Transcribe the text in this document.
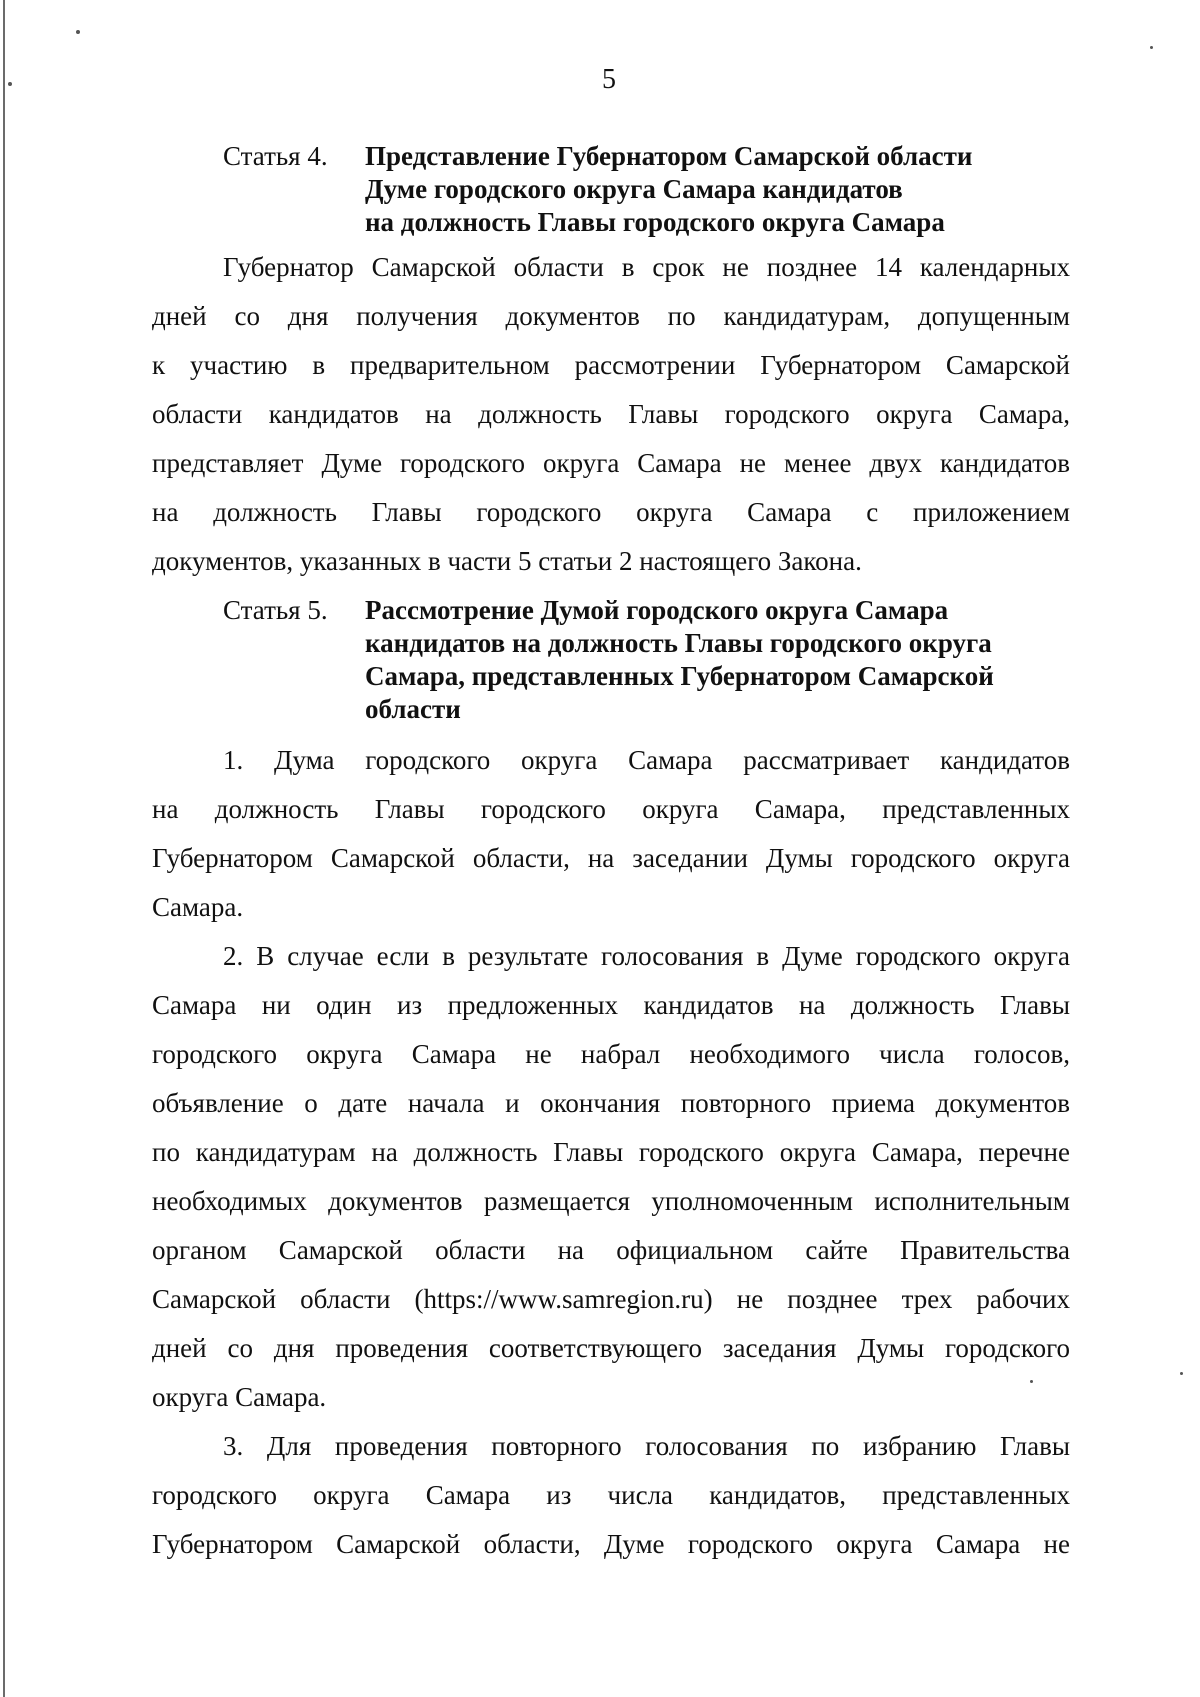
5
Статья 4.	Представление Губернатором Самарской области
Думе городского округа Самара кандидатов
на должность Главы городского округа Самара
Губернатор Самарской области в срок не позднее 14 календарных
дней со дня получения документов по кандидатурам, допущенным
к участию в предварительном рассмотрении Губернатором Самарской
области кандидатов на должность Главы городского округа Самара,
представляет Думе городского округа Самара не менее двух кандидатов
на должность Главы городского округа Самара с приложением
документов, указанных в части 5 статьи 2 настоящего Закона.
Статья 5.	Рассмотрение Думой городского округа Самара
кандидатов на должность Главы городского округа
Самара, представленных Губернатором Самарской
области
1. Дума городского округа Самара рассматривает кандидатов
на должность Главы городского округа Самара, представленных
Губернатором Самарской области, на заседании Думы городского округа
Самара.
2. В случае если в результате голосования в Думе городского округа
Самара ни один из предложенных кандидатов на должность Главы
городского округа Самара не набрал необходимого числа голосов,
объявление о дате начала и окончания повторного приема документов
по кандидатурам на должность Главы городского округа Самара, перечне
необходимых документов размещается уполномоченным исполнительным
органом Самарской области на официальном сайте Правительства
Самарской области (https://www.samregion.ru) не позднее трех рабочих
дней со дня проведения соответствующего заседания Думы городского
округа Самара.
3. Для проведения повторного голосования по избранию Главы
городского округа Самара из числа кандидатов, представленных
Губернатором Самарской области, Думе городского округа Самара не
